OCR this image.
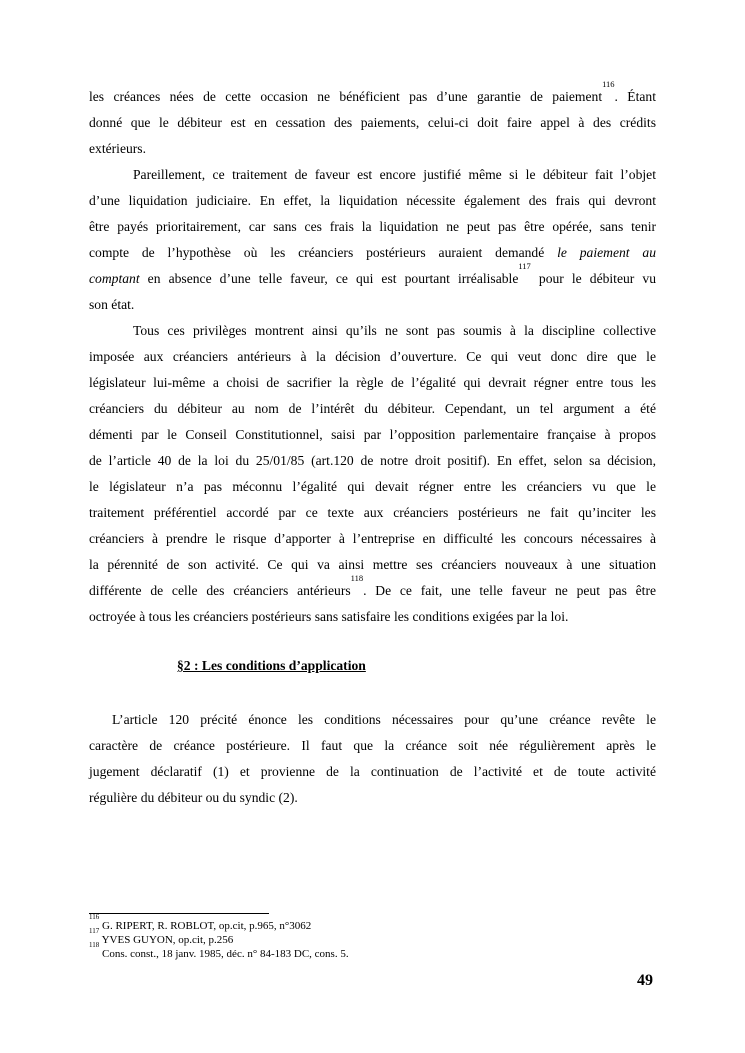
les créances nées de cette occasion ne bénéficient pas d’une garantie de paiement$^{116}$. Étant
donné que le débiteur est en cessation des paiements, celui-ci doit faire appel à des crédits
extérieurs.
Pareillement, ce traitement de faveur est encore justifié même si le débiteur fait l’objet
d’une liquidation judiciaire. En effet, la liquidation nécessite également des frais qui devront
être payés prioritairement, car sans ces frais la liquidation ne peut pas être opérée, sans tenir
compte de l’hypothèse où les créanciers postérieurs auraient demandé le paiement au
comptant en absence d’une telle faveur, ce qui est pourtant irréalisable$^{117}$ pour le débiteur vu
son état.
Tous ces privilèges montrent ainsi qu’ils ne sont pas soumis à la discipline collective
imposée aux créanciers antérieurs à la décision d’ouverture. Ce qui veut donc dire que le
législateur lui-même a choisi de sacrifier la règle de l’égalité qui devrait régner entre tous les
créanciers du débiteur au nom de l’intérêt du débiteur. Cependant, un tel argument a été
démenti par le Conseil Constitutionnel, saisi par l’opposition parlementaire française à propos
de l’article 40 de la loi du 25/01/85 (art.120 de notre droit positif). En effet, selon sa décision,
le législateur n’a pas méconnu l’égalité qui devait régner entre les créanciers vu que le
traitement préférentiel accordé par ce texte aux créanciers postérieurs ne fait qu’inciter les
créanciers à prendre le risque d’apporter à l’entreprise en difficulté les concours nécessaires à
la pérennité de son activité. Ce qui va ainsi mettre ses créanciers nouveaux à une situation
différente de celle des créanciers antérieurs$^{118}$. De ce fait, une telle faveur ne peut pas être
octroyée à tous les créanciers postérieurs sans satisfaire les conditions exigées par la loi.
§2 : Les conditions d’application
L’article 120 précité énonce les conditions nécessaires pour qu’une créance revête le
caractère de créance postérieure. Il faut que la créance soit née régulièrement après le
jugement déclaratif (1) et provienne de la continuation de l’activité et de toute activité
régulière du débiteur ou du syndic (2).
$^{116}$ G. RIPERT, R. ROBLOT, op.cit, p.965, n°3062
$^{117}$ YVES GUYON, op.cit, p.256
$^{118}$ Cons. const., 18 janv. 1985, déc. n° 84-183 DC, cons. 5.
49
